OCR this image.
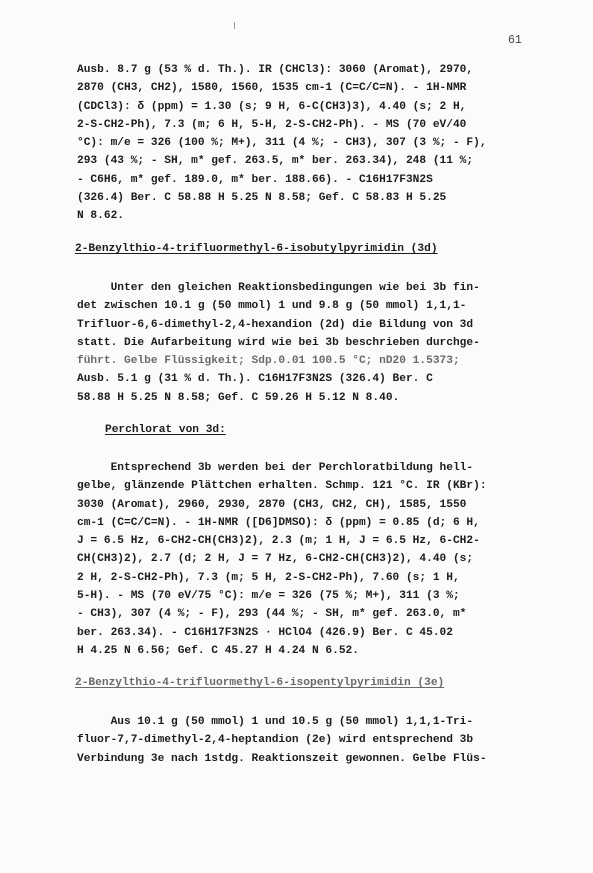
61
Ausb. 8.7 g (53 % d. Th.). IR (CHCl3): 3060 (Aromat), 2970,
2870 (CH3, CH2), 1580, 1560, 1535 cm-1 (C=C/C=N). - 1H-NMR
(CDCl3): δ (ppm) = 1.30 (s; 9 H, 6-C(CH3)3), 4.40 (s; 2 H,
2-S-CH2-Ph), 7.3 (m; 6 H, 5-H, 2-S-CH2-Ph). - MS (70 eV/40
°C): m/e = 326 (100 %; M+), 311 (4 %; - CH3), 307 (3 %; - F),
293 (43 %; - SH, m* gef. 263.5, m* ber. 263.34), 248 (11 %;
- C6H6, m* gef. 189.0, m* ber. 188.66). - C16H17F3N2S
(326.4) Ber. C 58.88 H 5.25 N 8.58; Gef. C 58.83 H 5.25
N 8.62.
2-Benzylthio-4-trifluormethyl-6-isobutylpyrimidin (3d)
Unter den gleichen Reaktionsbedingungen wie bei 3b fin-
det zwischen 10.1 g (50 mmol) 1 und 9.8 g (50 mmol) 1,1,1-
Trifluor-6,6-dimethyl-2,4-hexandion (2d) die Bildung von 3d
statt. Die Aufarbeitung wird wie bei 3b beschrieben durchge-
führt. Gelbe Flüssigkeit; Sdp.0.01 100.5 °C; nD20 1.5373;
Ausb. 5.1 g (31 % d. Th.). C16H17F3N2S (326.4) Ber. C
58.88 H 5.25 N 8.58; Gef. C 59.26 H 5.12 N 8.40.
Perchlorat von 3d:
Entsprechend 3b werden bei der Perchloratbildung hell-
gelbe, glänzende Plättchen erhalten. Schmp. 121 °C. IR (KBr):
3030 (Aromat), 2960, 2930, 2870 (CH3, CH2, CH), 1585, 1550
cm-1 (C=C/C=N). - 1H-NMR ([D6]DMSO): δ (ppm) = 0.85 (d; 6 H,
J = 6.5 Hz, 6-CH2-CH(CH3)2), 2.3 (m; 1 H, J = 6.5 Hz, 6-CH2-
CH(CH3)2), 2.7 (d; 2 H, J = 7 Hz, 6-CH2-CH(CH3)2), 4.40 (s;
2 H, 2-S-CH2-Ph), 7.3 (m; 5 H, 2-S-CH2-Ph), 7.60 (s; 1 H,
5-H). - MS (70 eV/75 °C): m/e = 326 (75 %; M+), 311 (3 %;
- CH3), 307 (4 %; - F), 293 (44 %; - SH, m* gef. 263.0, m*
ber. 263.34). - C16H17F3N2S · HClO4 (426.9) Ber. C 45.02
H 4.25 N 6.56; Gef. C 45.27 H 4.24 N 6.52.
2-Benzylthio-4-trifluormethyl-6-isopentylpyrimidin (3e)
Aus 10.1 g (50 mmol) 1 und 10.5 g (50 mmol) 1,1,1-Tri-
fluor-7,7-dimethyl-2,4-heptandion (2e) wird entsprechend 3b
Verbindung 3e nach 1stdg. Reaktionszeit gewonnen. Gelbe Flüs-
